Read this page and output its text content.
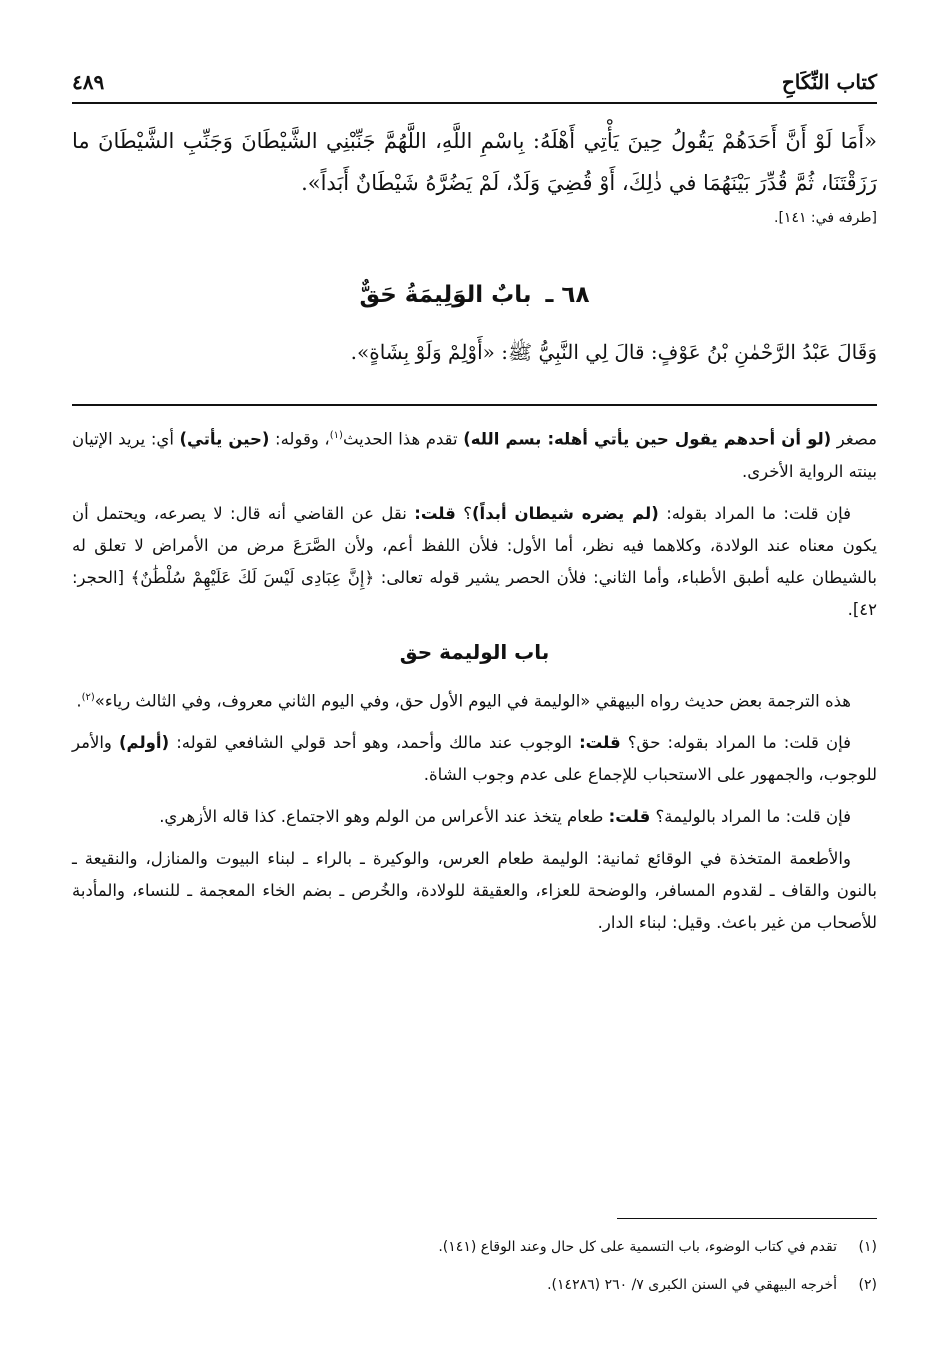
كتاب النِّكَاحِ
٤٨٩
«أَمَا لَوْ أَنَّ أَحَدَهُمْ يَقُولُ حِينَ يَأْتِي أَهْلَهُ: بِاسْمِ اللَّهِ، اللَّهُمَّ جَنِّبْنِي الشَّيْطَانَ وَجَنِّبِ الشَّيْطَانَ ما رَزَقْتَنَا، ثُمَّ قُدِّرَ بَيْنَهُمَا في ذٰلِكَ، أَوْ قُضِيَ وَلَدٌ، لَمْ يَضُرَّهُ شَيْطَانٌ أَبَداً».
[طرفه في: ١٤١].
٦٨ ـ بابٌ الوَلِيمَةُ حَقٌّ
وَقَالَ عَبْدُ الرَّحْمٰنِ بْنُ عَوْفٍ: قالَ لِي النَّبِيُّ ﷺ: «أَوْلِمْ وَلَوْ بِشَاةٍ».

مصغر (لو أن أحدهم يقول حين يأتي أهله: بسم الله) تقدم هذا الحديث$^{(١)}$، وقوله: (حين يأتي) أي: يريد الإتيان بينته الرواية الأخرى.

فإن قلت: ما المراد بقوله: (لم يضره شيطان أبداً)؟ قلت: نقل عن القاضي أنه قال: لا يصرعه، ويحتمل أن يكون معناه عند الولادة، وكلاهما فيه نظر، أما الأول: فلأن اللفظ أعم، ولأن الصَّرَعَ مرض من الأمراض لا تعلق له بالشيطان عليه أطبق الأطباء، وأما الثاني: فلأن الحصر يشير قوله تعالى: ﴿إِنَّ عِبَادِى لَيْسَ لَكَ عَلَيْهِمْ سُلْطَٰنٌ﴾ [الحجر: ٤٢].

باب الوليمة حق

هذه الترجمة بعض حديث رواه البيهقي «الوليمة في اليوم الأول حق، وفي اليوم الثاني معروف، وفي الثالث رياء»$^{(٢)}$.

فإن قلت: ما المراد بقوله: حق؟ قلت: الوجوب عند مالك وأحمد، وهو أحد قولي الشافعي لقوله: (أولم) والأمر للوجوب، والجمهور على الاستحباب للإجماع على عدم وجوب الشاة.

فإن قلت: ما المراد بالوليمة؟ قلت: طعام يتخذ عند الأعراس من الولم وهو الاجتماع. كذا قاله الأزهري.

والأطعمة المتخذة في الوقائع ثمانية: الوليمة طعام العرس، والوكيرة ـ بالراء ـ لبناء البيوت والمنازل، والنقيعة ـ بالنون والقاف ـ لقدوم المسافر، والوضحة للعزاء، والعقيقة للولادة، والخُرص ـ بضم الخاء المعجمة ـ للنساء، والمأدبة للأصحاب من غير باعث. وقيل: لبناء الدار.

(١)تقدم في كتاب الوضوء، باب التسمية على كل حال وعند الوقاع (١٤١).
(٢)أخرجه البيهقي في السنن الكبرى ٧/ ٢٦٠ (١٤٢٨٦).
